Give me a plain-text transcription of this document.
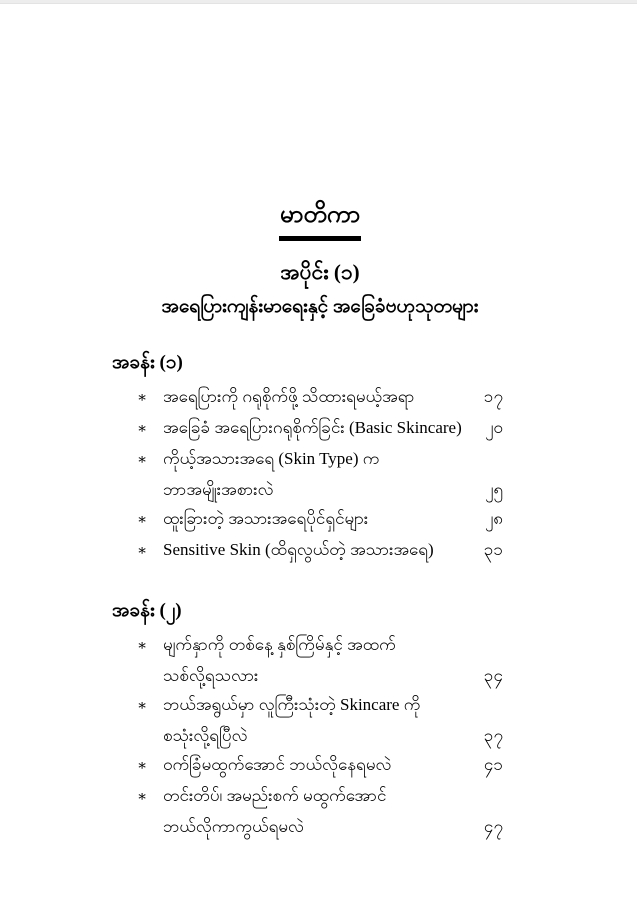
မာတိကာ
အပိုင်း (၁)
အရေပြားကျန်းမာရေးနှင့် အခြေခံဗဟုသုတများ
အခန်း (၁)
∗ အရေပြားကို ဂရုစိုက်ဖို့ သိထားရမယ့်အရာ	၁၇
∗ အခြေခံ အရေပြားဂရုစိုက်ခြင်း (Basic Skincare)	၂၀
∗ ကိုယ့်အသားအရေ (Skin Type) က
ဘာအမျိုးအစားလဲ	၂၅
∗ ထူးခြားတဲ့ အသားအရေပိုင်ရှင်များ	၂၈
∗ Sensitive Skin (ထိရှလွယ်တဲ့ အသားအရေ)	၃၁
အခန်း (၂)
∗ မျက်နှာကို တစ်နေ့ နှစ်ကြိမ်နှင့် အထက်
သစ်လို့ရသလား	၃၄
∗ ဘယ်အရွယ်မှာ လူကြီးသုံးတဲ့ Skincare ကို
စသုံးလို့ရပြီလဲ	၃၇
∗ ဝက်ခြံမထွက်အောင် ဘယ်လိုနေရမလဲ	၄၁
∗ တင်းတိပ်၊ အမည်းစက် မထွက်အောင်
ဘယ်လိုကာကွယ်ရမလဲ	၄၇
